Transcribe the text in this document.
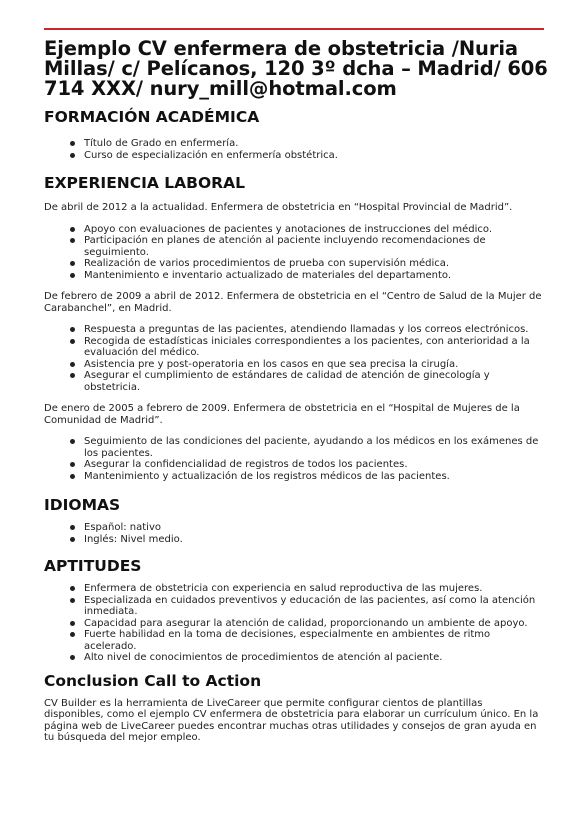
Ejemplo CV enfermera de obstetricia /Nuria Millas/ c/ Pelícanos, 120 3º dcha – Madrid/ 606 714 XXX/ nury_mill@hotmal.com
FORMACIÓN ACADÉMICA
Título de Grado en enfermería.
Curso de especialización en enfermería obstétrica.
EXPERIENCIA LABORAL

De abril de 2012 a la actualidad. Enfermera de obstetricia en “Hospital Provincial de Madrid”.

Apoyo con evaluaciones de pacientes y anotaciones de instrucciones del médico.
Participación en planes de atención al paciente incluyendo recomendaciones de seguimiento.
Realización de varios procedimientos de prueba con supervisión médica.
Mantenimiento e inventario actualizado de materiales del departamento.

De febrero de 2009 a abril de 2012. Enfermera de obstetricia en el “Centro de Salud de la Mujer de Carabanchel”, en Madrid.

Respuesta a preguntas de las pacientes, atendiendo llamadas y los correos electrónicos.
Recogida de estadísticas iniciales correspondientes a los pacientes, con anterioridad a la evaluación del médico.
Asistencia pre y post-operatoria en los casos en que sea precisa la cirugía.
Asegurar el cumplimiento de estándares de calidad de atención de ginecología y obstetricia.

De enero de 2005 a febrero de 2009. Enfermera de obstetricia en el “Hospital de Mujeres de la Comunidad de Madrid”.

Seguimiento de las condiciones del paciente, ayudando a los médicos en los exámenes de los pacientes.
Asegurar la confidencialidad de registros de todos los pacientes.
Mantenimiento y actualización de los registros médicos de las pacientes.
IDIOMAS
Español: nativo
Inglés: Nivel medio.
APTITUDES
Enfermera de obstetricia con experiencia en salud reproductiva de las mujeres.
Especializada en cuidados preventivos y educación de las pacientes, así como la atención inmediata.
Capacidad para asegurar la atención de calidad, proporcionando un ambiente de apoyo.
Fuerte habilidad en la toma de decisiones, especialmente en ambientes de ritmo acelerado.
Alto nivel de conocimientos de procedimientos de atención al paciente.
Conclusion Call to Action

CV Builder es la herramienta de LiveCareer que permite configurar cientos de plantillas disponibles, como el ejemplo CV enfermera de obstetricia para elaborar un currículum único. En la página web de LiveCareer puedes encontrar muchas otras utilidades y consejos de gran ayuda en tu búsqueda del mejor empleo.
